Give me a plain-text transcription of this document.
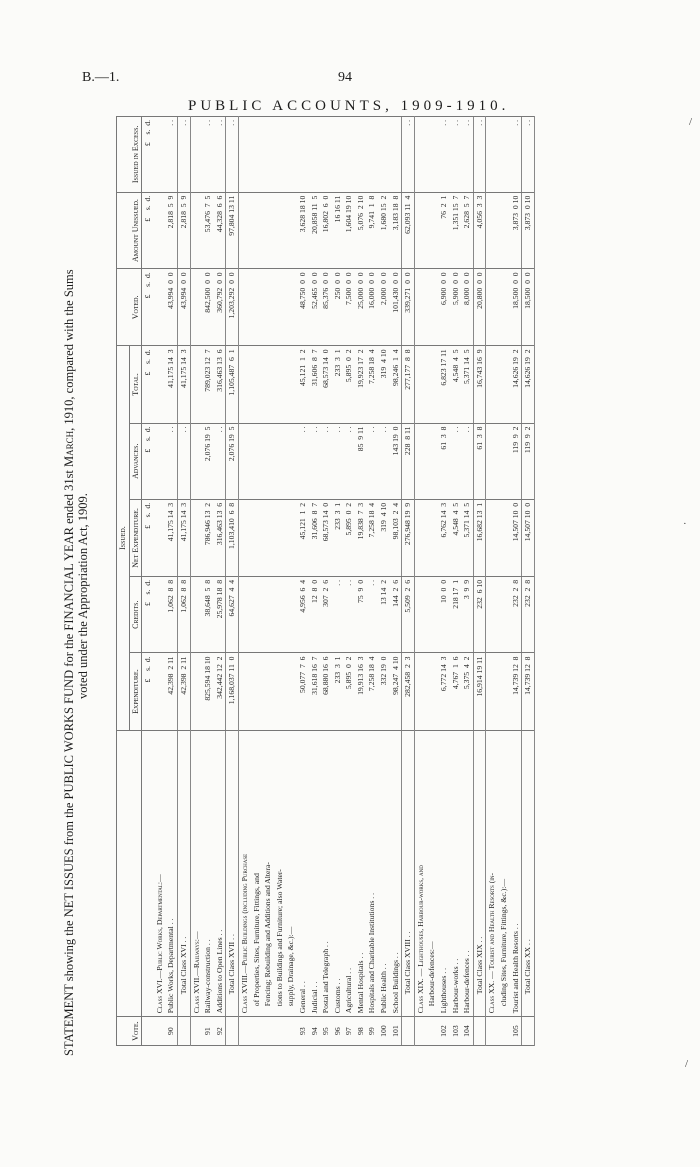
B.—1.	94
PUBLIC ACCOUNTS, 1909-1910.
/
·
/
STATEMENT showing the NET ISSUES from the PUBLIC WORKS FUND for the FINANCIAL YEAR ended 31st March, 1910, compared with the Sums
voted under the Appropriation Act, 1909.
Vote.		Issued.					Voted.	Amount Unissued.	Issued in Excess.
		Expenditure.	Credits.	Net Expenditure.	Advances.	Total.			
		£    s.  d.	£    s.  d.	£    s.  d.	£    s.  d.	£    s.  d.	£    s.  d.	£    s.  d.	£    s.  d.
	Class XVI.—Public Works, Departmental:—								
90	Public Works, Departmental . .	42,398  2 11	1,062  8  8	41,175 14  3	. .	41,175 14  3	43,994  0  0	2,818  5  9	. .
	Total Class XVI . .	42,398  2 11	1,062  8  8	41,175 14  3	. .	41,175 14  3	43,994  0  0	2,818  5  9	. .
	Class XVII.—Railways:—								
91	Railway-construction . .	825,594 18 10	38,648  5  8	786,946 13  2	2,076 19  5	789,023 12  7	842,500  0  0	53,476  7  5	. .
92	Additions to Open Lines . .	342,442 12  2	25,978 18  8	316,463 13  6	. .	316,463 13  6	360,792  0  0	44,328  6  6	. .
	Total Class XVII . .	1,168,037 11  0	64,627  4  4	1,103,410  6  8	2,076 19  5	1,105,487  6  1	1,203,292  0  0	97,804 13 11	. .
	Class XVIII.—Public Buildings (including Purchase								
	of Properties, Sites, Furniture, Fittings, and								
	Fencing; Rebuilding and Additions and Altera-								
	tions to Buildings and Furniture; also Water-								
	supply, Drainage, &c.):—								
93	General . .	50,077  7  6	4,956  6  4	45,121  1  2	. .	45,121  1  2	48,750  0  0	3,628 18 10	
94	Judicial . .	31,618 16  7	12  8  0	31,606  8  7	. .	31,606  8  7	52,465  0  0	20,858 11  5	
95	Postal and Telegraph . .	68,880 16  6	307  2  6	68,573 14  0	. .	68,573 14  0	85,376  0  0	16,802  6  0	
96	Customs . .	233  3  1	. .	233  3  1	. .	233  3  1	250  0  0	16 16 11	
97	Agricultural . .	5,895  0  2	. .	5,895  0  2	. .	5,895  0  2	7,500  0  0	1,604 19 10	
98	Mental Hospitals . .	19,913 16  3	75  9  0	19,838  7  3	85  9 11	19,923 17  2	25,000  0  0	5,076  2 10	
99	Hospitals and Charitable Institutions . .	7,258 18  4	. .	7,258 18  4	. .	7,258 18  4	16,000  0  0	9,741  1  8	
100	Public Health . .	332 19  0	13 14  2	319  4 10	. .	319  4 10	2,000  0  0	1,680 15  2	
101	School Buildings . .	98,247  4 10	144  2  6	98,103  2  4	143 19  0	98,246  1  4	101,430  0  0	3,183 18  8	
	Total Class XVIII . .	282,458  2  3	5,509  2  6	276,948 19  9	228  8 11	277,177  8  8	339,271  0  0	62,093 11  4	. .
	Class XIX. — Lighthouses, Harbour-works, and								
	Harbour-defences:—								
102	Lighthouses . .	6,772 14  3	10  0  0	6,762 14  3	61  3  8	6,823 17 11	6,900  0  0	76  2  1	. .
103	Harbour-works . .	4,767  1  6	218 17  1	4,548  4  5	. .	4,548  4  5	5,900  0  0	1,351 15  7	. .
104	Harbour-defences . .	5,375  4  2	3  9  9	5,371 14  5	. .	5,371 14  5	8,000  0  0	2,628  5  7	. .
	Total Class XIX . .	16,914 19 11	232  6 10	16,682 13  1	61  3  8	16,743 16  9	20,800  0  0	4,056  3  3	. .
	Class XX. — Tourist and Health Resorts (in-								
	cluding Sites, Furniture, Fittings, &c.):—								
105	Tourist and Health Resorts . .	14,739 12  8	232  2  8	14,507 10  0	119  9  2	14,626 19  2	18,500  0  0	3,873  0 10	. .
	Total Class XX . .	14,739 12  8	232  2  8	14,507 10  0	119  9  2	14,626 19  2	18,500  0  0	3,873  0 10	. .
